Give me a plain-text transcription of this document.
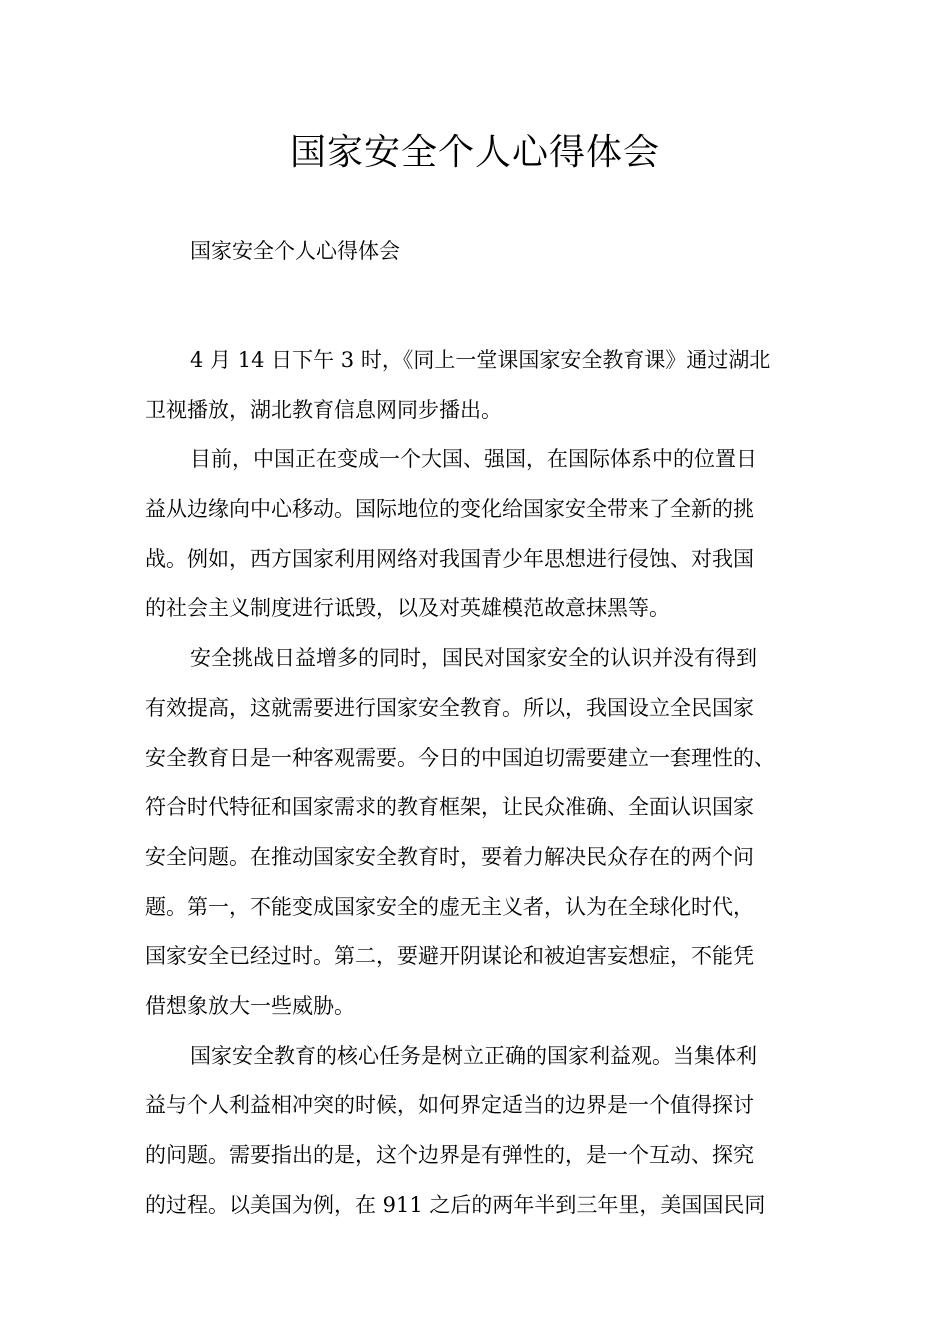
国家安全个人心得体会

国家安全个人心得体会

4 月 14 日下午 3 时，《同上一堂课国家安全教育课》通过湖北
卫视播放，湖北教育信息网同步播出。

目前，中国正在变成一个大国、强国，在国际体系中的位置日
益从边缘向中心移动。国际地位的变化给国家安全带来了全新的挑
战。例如，西方国家利用网络对我国青少年思想进行侵蚀、对我国
的社会主义制度进行诋毁，以及对英雄模范故意抹黑等。

安全挑战日益增多的同时，国民对国家安全的认识并没有得到
有效提高，这就需要进行国家安全教育。所以，我国设立全民国家
安全教育日是一种客观需要。今日的中国迫切需要建立一套理性的、
符合时代特征和国家需求的教育框架，让民众准确、全面认识国家
安全问题。在推动国家安全教育时，要着力解决民众存在的两个问
题。第一，不能变成国家安全的虚无主义者，认为在全球化时代，
国家安全已经过时。第二，要避开阴谋论和被迫害妄想症，不能凭
借想象放大一些威胁。

国家安全教育的核心任务是树立正确的国家利益观。当集体利
益与个人利益相冲突的时候，如何界定适当的边界是一个值得探讨
的问题。需要指出的是，这个边界是有弹性的，是一个互动、探究
的过程。以美国为例，在 911 之后的两年半到三年里，美国国民同
